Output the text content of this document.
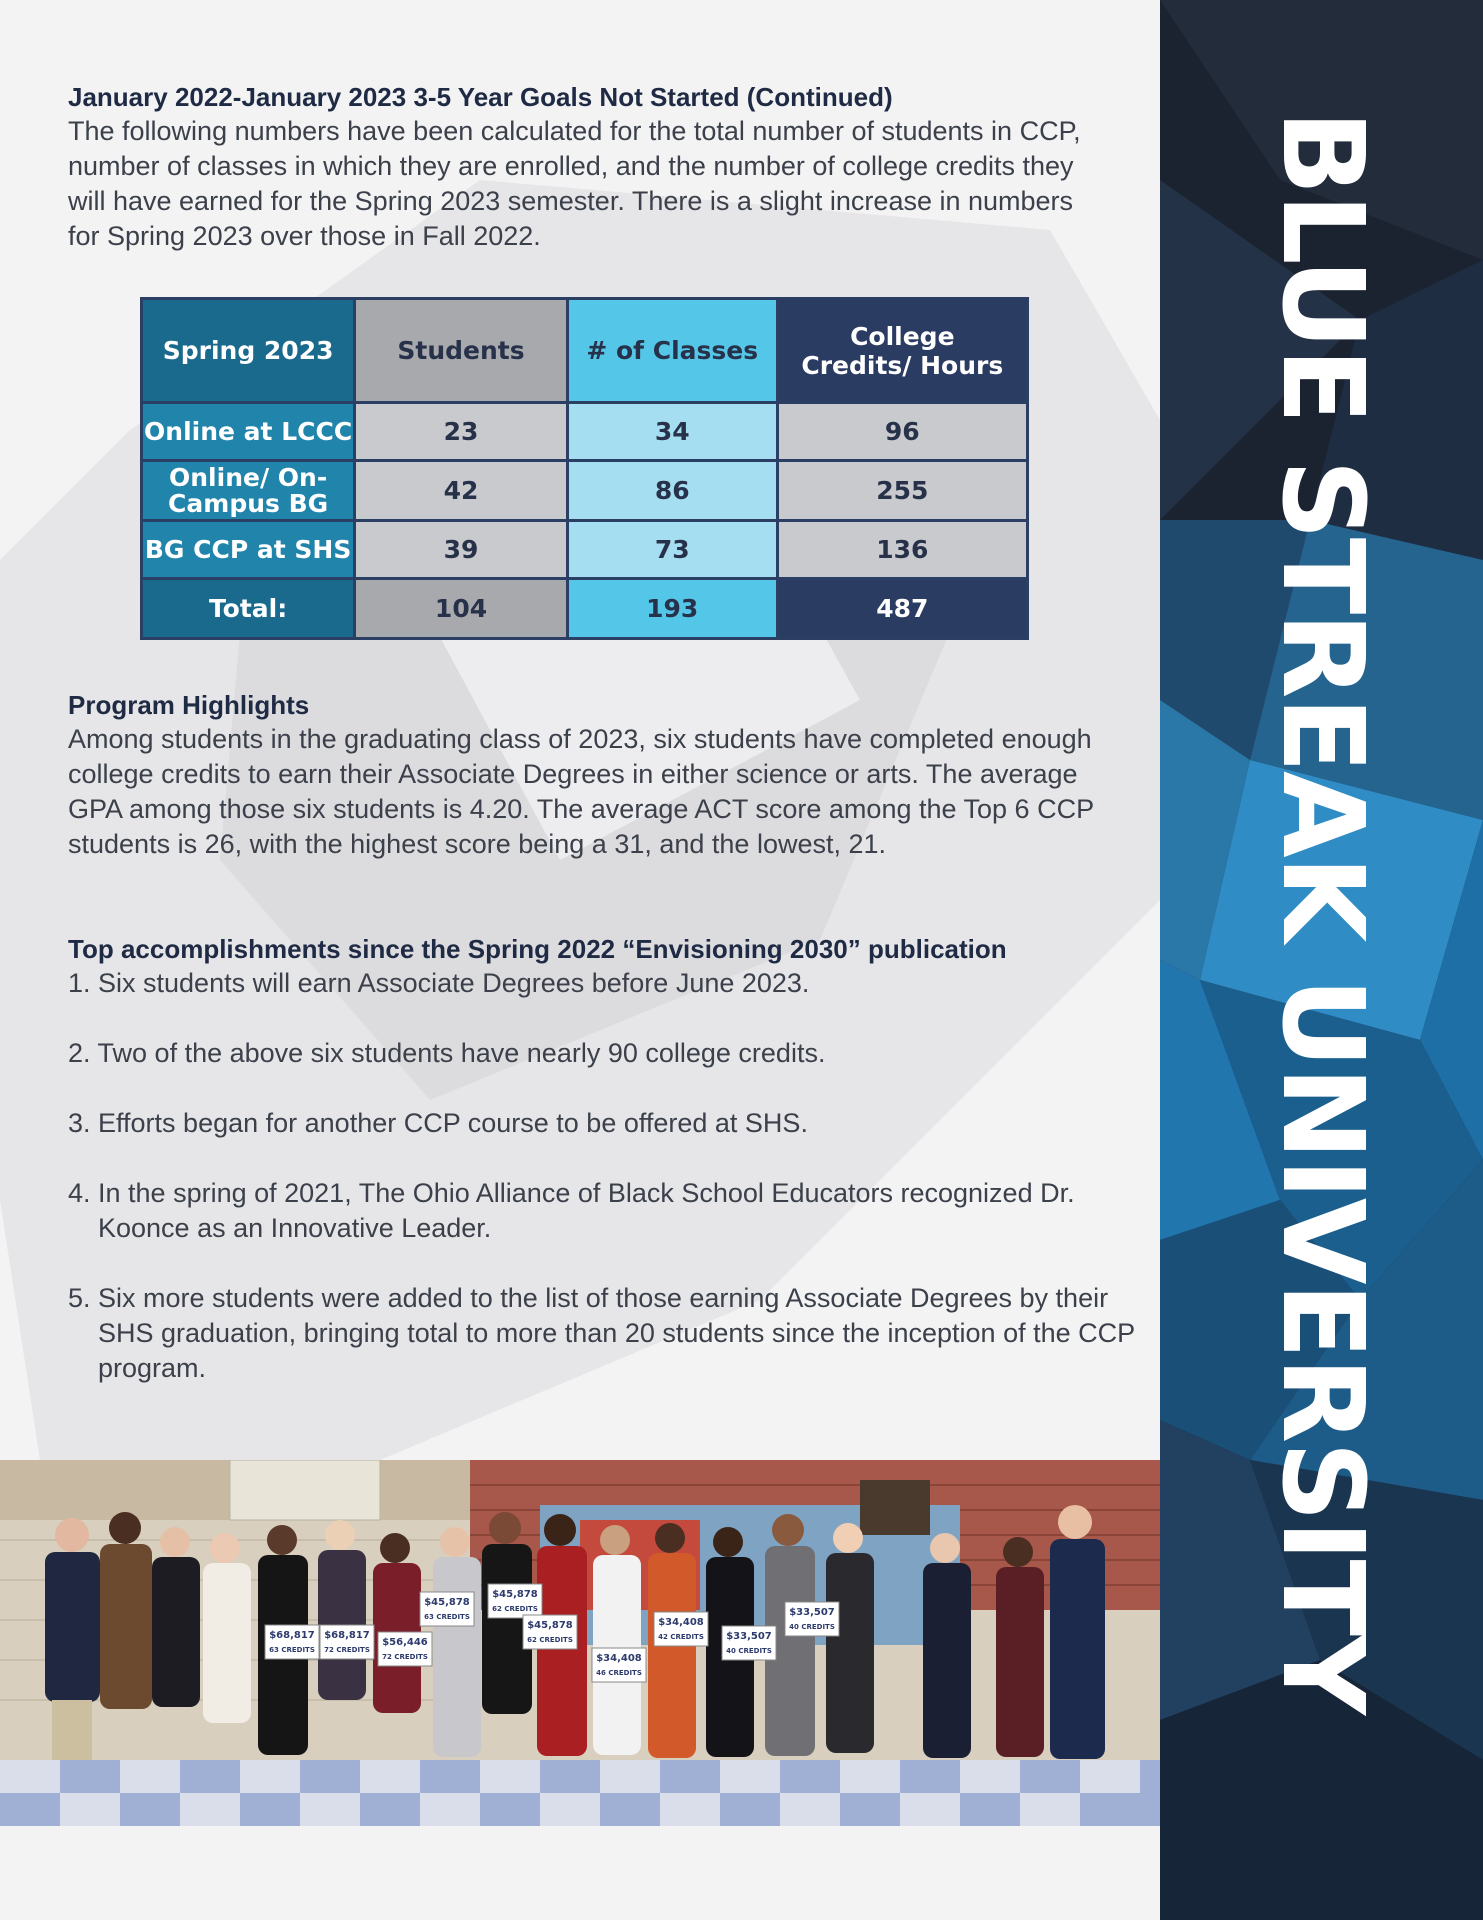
BLUE STREAK UNIVERSITY

January 2022-January 2023 3-5 Year Goals Not Started (Continued)

The following numbers have been calculated for the total number of students in CCP, number of classes in which they are enrolled, and the number of college credits they will have earned for the Spring 2023 semester. There is a slight increase in numbers for Spring 2023 over those in Fall 2022.

Spring 2023	Students	# of Classes	College Credits/ Hours
Online at LCCC	23	34	96
Online/ On-Campus BG	42	86	255
BG CCP at SHS	39	73	136
Total:	104	193	487

Program Highlights

Among students in the graduating class of 2023, six students have completed enough college credits to earn their Associate Degrees in either science or arts. The average GPA among those six students is 4.20. The average ACT score among the Top 6 CCP students is 26, with the highest score being a 31, and the lowest, 21.

Top accomplishments since the Spring 2022 “Envisioning 2030” publication

1. Six students will earn Associate Degrees before June 2023.
2. Two of the above six students have nearly 90 college credits.
3. Efforts began for another CCP course to be offered at SHS.
4. In the spring of 2021, The Ohio Alliance of Black School Educators recognized Dr. Koonce as an Innovative Leader.
5. Six more students were added to the list of those earning Associate Degrees by their SHS graduation, bringing total to more than 20 students since the inception of the CCP program.
$68,817
63 CREDITS
$68,817
72 CREDITS
$56,446
72 CREDITS
$45,878
63 CREDITS
$45,878
62 CREDITS
$45,878
62 CREDITS
$34,408
46 CREDITS
$34,408
42 CREDITS $33,507
40 CREDITS
$33,507
40 CREDITS
